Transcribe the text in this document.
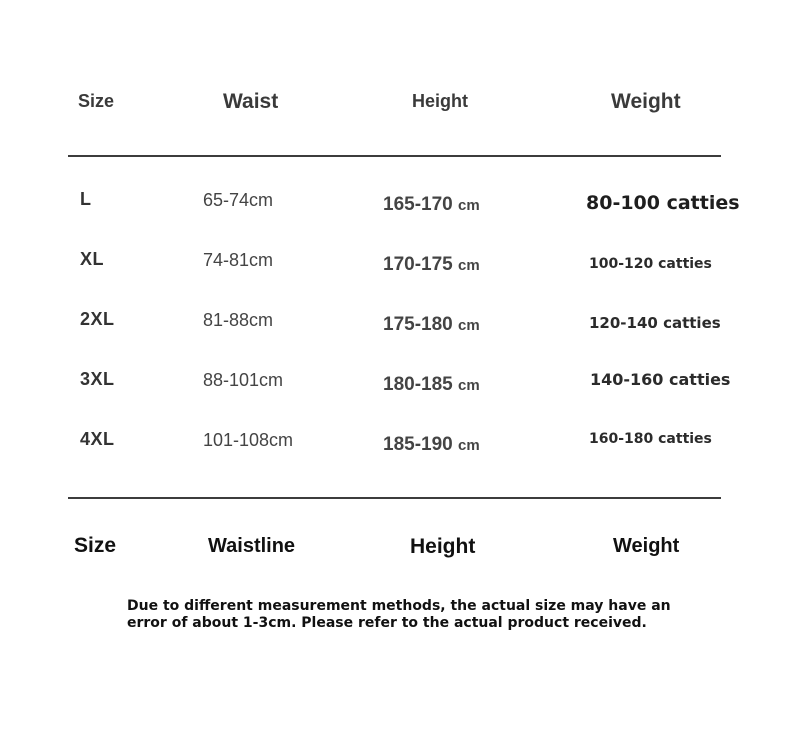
Size	Waist	Height	Weight
L	65-74cm	165-170 cm	80-100 catties
XL	74-81cm	170-175 cm	100-120 catties
2XL	81-88cm	175-180 cm	120-140 catties
3XL	88-101cm	180-185 cm	140-160 catties
4XL	101-108cm	185-190 cm	160-180 catties
Size	Waistline	Height	Weight
Due to different measurement methods, the actual size may have an error of about 1-3cm. Please refer to the actual product received.
